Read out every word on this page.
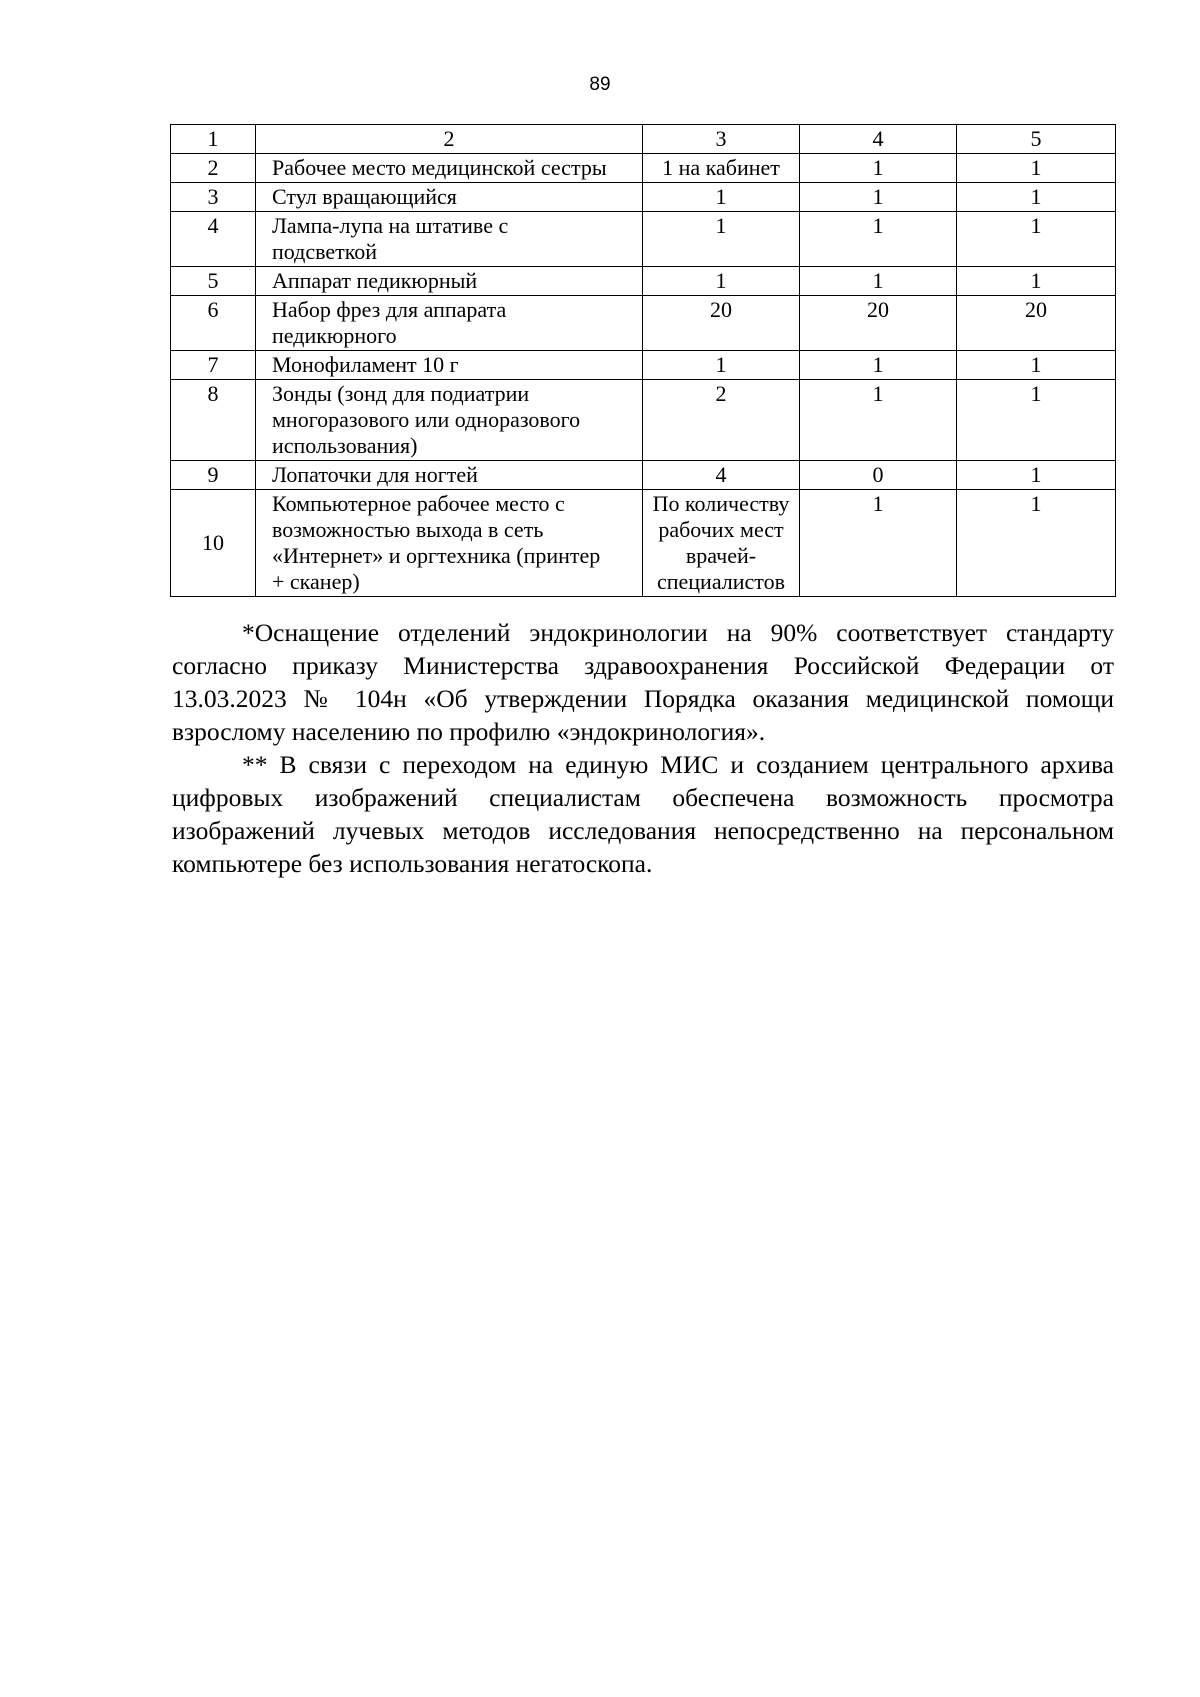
89
1	2	3	4	5
2	Рабочее место медицинской сестры	1 на кабинет	1	1
3	Стул вращающийся	1	1	1
4	Лампа-лупа на штативе с подсветкой	1	1	1
5	Аппарат педикюрный	1	1	1
6	Набор фрез для аппарата педикюрного	20	20	20
7	Монофиламент 10 г	1	1	1
8	Зонды (зонд для подиатрии многоразового или одноразового использования)	2	1	1
9	Лопаточки для ногтей	4	0	1
10	Компьютерное рабочее место с возможностью выхода в сеть «Интернет» и оргтехника (принтер + сканер)	По количеству рабочих мест врачей-специалистов	1	1

*Оснащение отделений эндокринологии на 90% соответствует стандарту согласно приказу Министерства здравоохранения Российской Федерации от 13.03.2023 № 104н «Об утверждении Порядка оказания медицинской помощи взрослому населению по профилю «эндокринология».

** В связи с переходом на единую МИС и созданием центрального архива цифровых изображений специалистам обеспечена возможность просмотра изображений лучевых методов исследования непосредственно на персональном компьютере без использования негатоскопа.
